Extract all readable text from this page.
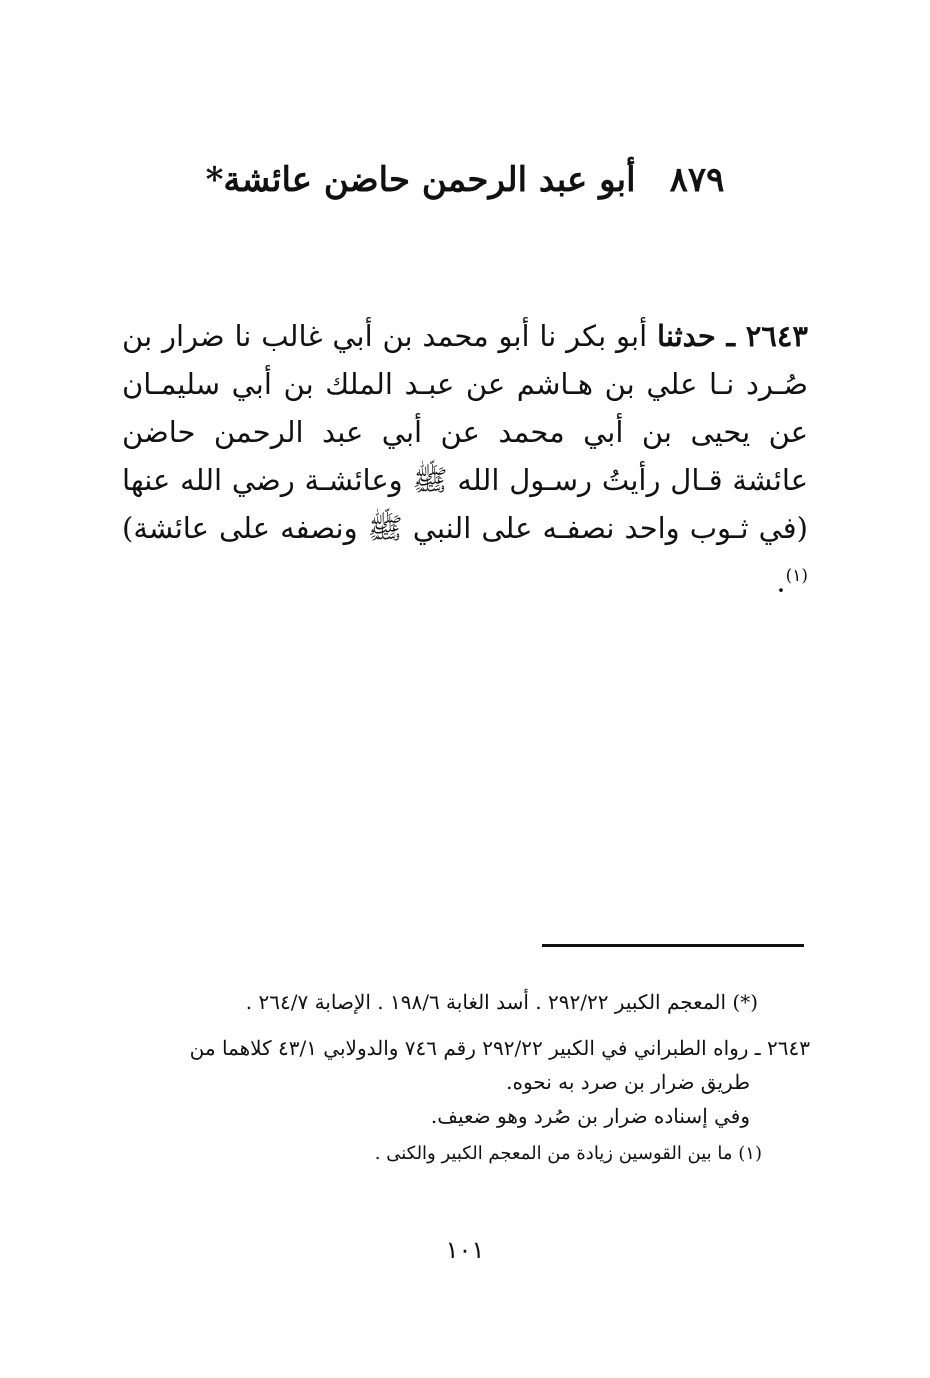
٨٧٩أبو عبد الرحمن حاضن عائشة*

٢٦٤٣ ـ حدثنا أبو بكر نا أبو محمد بن أبي غالب نا ضرار بن صُـرد نـا علي بن هـاشم عن عبـد الملك بن أبي سليمـان عن يحيى بن أبي محمد عن أبي عبد الرحمن حاضن عائشة قـال رأيتُ رسـول الله ﷺ وعائشـة رضي الله عنها (في ثـوب واحد نصفـه على النبي ﷺ ونصفه على عائشة)$^{(١)}$.

(*) المعجم الكبير ٢٩٢/٢٢ . أسد الغابة ١٩٨/٦ . الإصابة ٢٦٤/٧ .

٢٦٤٣ ـ رواه الطبراني في الكبير ٢٩٢/٢٢ رقم ٧٤٦ والدولابي ٤٣/١ كلاهما من

طريق ضرار بن صرد به نحوه.

وفي إسناده ضرار بن صُرد وهو ضعيف.

(١) ما بين القوسين زيادة من المعجم الكبير والكنى .

١٠١
